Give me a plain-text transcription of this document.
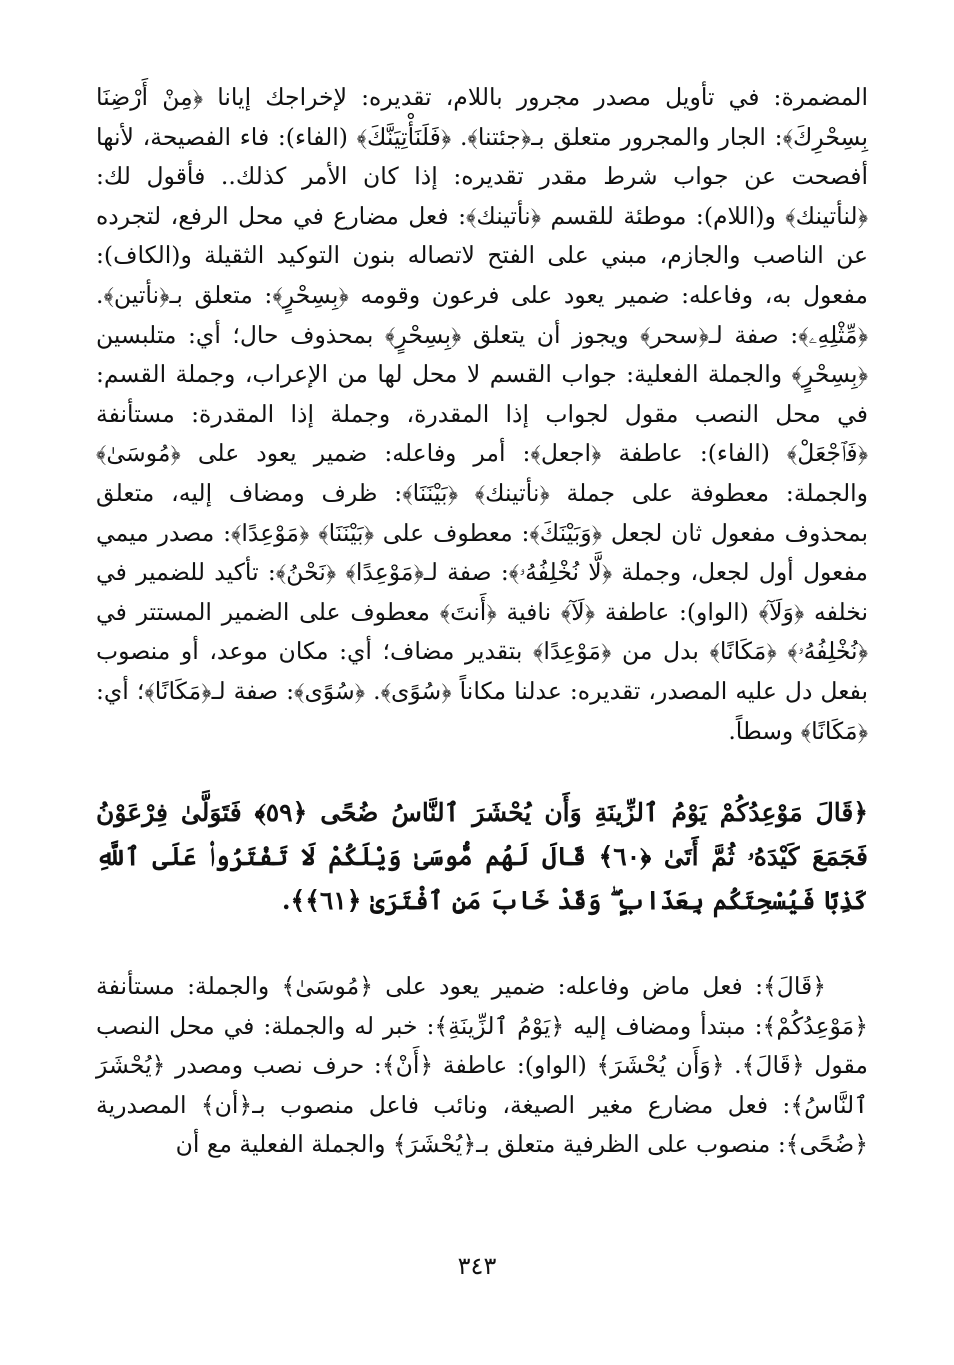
المضمرة: في تأويل مصدر مجرور باللام، تقديره: لإخراجك إيانا ﴿مِنْ أَرْضِنَا بِسِحْرِكَ﴾: الجار والمجرور متعلق بـ﴿جئتنا﴾. ﴿فَلَنَأْتِيَنَّكَ﴾ (الفاء): فاء الفصيحة، لأنها أفصحت عن جواب شرط مقدر تقديره: إذا كان الأمر كذلك.. فأقول لك: ﴿لنأتينك﴾ و(اللام): موطئة للقسم ﴿نأتينك﴾: فعل مضارع في محل الرفع، لتجرده عن الناصب والجازم، مبني على الفتح لاتصاله بنون التوكيد الثقيلة و(الكاف): مفعول به، وفاعله: ضمير يعود على فرعون وقومه ﴿بِسِحْرٍ﴾: متعلق بـ﴿نأتين﴾. ﴿مِّثْلِهِۦ﴾: صفة لـ﴿سحر﴾ ويجوز أن يتعلق ﴿بِسِحْرٍ﴾ بمحذوف حال؛ أي: متلبسين ﴿بِسِحْرٍ﴾ والجملة الفعلية: جواب القسم لا محل لها من الإعراب، وجملة القسم: في محل النصب مقول لجواب إذا المقدرة، وجملة إذا المقدرة: مستأنفة ﴿فَٱجْعَلْ﴾ (الفاء): عاطفة ﴿اجعل﴾: أمر وفاعله: ضمير يعود على ﴿مُوسَىٰ﴾ والجملة: معطوفة على جملة ﴿نأتينك﴾ ﴿بَيْنَنَا﴾: ظرف ومضاف إليه، متعلق بمحذوف مفعول ثان لجعل ﴿وَبَيْنَكَ﴾: معطوف على ﴿بَيْنَنَا﴾ ﴿مَوْعِدًا﴾: مصدر ميمي مفعول أول لجعل، وجملة ﴿لَّا نُخْلِفُهُۥ﴾: صفة لـ﴿مَوْعِدًا﴾ ﴿نَحْنُ﴾: تأكيد للضمير في نخلفه ﴿وَلَآ﴾ (الواو): عاطفة ﴿لَآ﴾ نافية ﴿أَنتَ﴾ معطوف على الضمير المستتر في ﴿نُخْلِفُهُۥ﴾ ﴿مَكَانًا﴾ بدل من ﴿مَوْعِدًا﴾ بتقدير مضاف؛ أي: مكان موعد، أو منصوب بفعل دل عليه المصدر، تقديره: عدلنا مكاناً ﴿سُوًى﴾. ﴿سُوًى﴾: صفة لـ﴿مَكَانًا﴾؛ أي: ﴿مَكَانًا﴾ وسطاً.

﴿قَالَ مَوْعِدُكُمْ يَوْمُ ٱلزِّينَةِ وَأَن يُحْشَرَ ٱلنَّاسُ ضُحًى ﴿٥٩﴾ فَتَوَلَّىٰ فِرْعَوْنُ فَجَمَعَ كَيْدَهُۥ ثُمَّ أَتَىٰ ﴿٦٠﴾ قَالَ لَهُم مُّوسَىٰ وَيْلَكُمْ لَا تَفْتَرُوا۟ عَلَى ٱللَّهِ كَذِبًا فَيُسْحِتَكُم بِعَذَابٍ ۖ وَقَدْ خَابَ مَنِ ٱفْتَرَىٰ ﴿٦١﴾﴾.

﴿قَالَ﴾: فعل ماض وفاعله: ضمير يعود على ﴿مُوسَىٰ﴾ والجملة: مستأنفة ﴿مَوْعِدُكُمْ﴾: مبتدأ ومضاف إليه ﴿يَوْمُ ٱلزِّينَةِ﴾: خبر له والجملة: في محل النصب مقول ﴿قَالَ﴾. ﴿وَأَن يُحْشَرَ﴾ (الواو): عاطفة ﴿أَنْ﴾: حرف نصب ومصدر ﴿يُحْشَرَ ٱلنَّاسُ﴾: فعل مضارع مغير الصيغة، ونائب فاعل منصوب بـ﴿أن﴾ المصدرية ﴿ضُحًى﴾: منصوب على الظرفية متعلق بـ﴿يُحْشَرَ﴾ والجملة الفعلية مع أن

٣٤٣
